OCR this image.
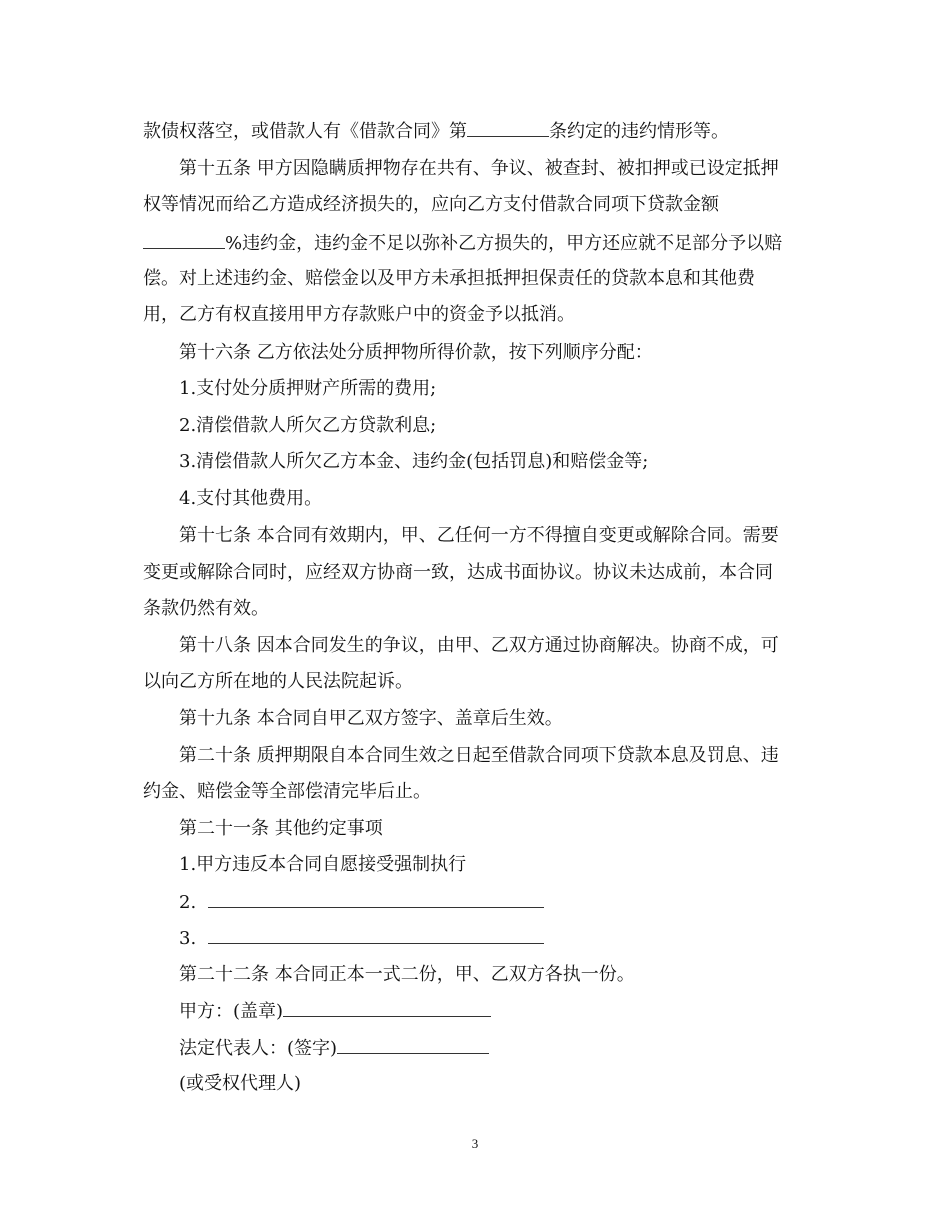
款债权落空，或借款人有《借款合同》第	条约定的违约情形等。
第十五条 甲方因隐瞒质押物存在共有、争议、被查封、被扣押或已设定抵押
权等情况而给乙方造成经济损失的，应向乙方支付借款合同项下贷款金额
%违约金，违约金不足以弥补乙方损失的，甲方还应就不足部分予以赔
偿。对上述违约金、赔偿金以及甲方未承担抵押担保责任的贷款本息和其他费
用，乙方有权直接用甲方存款账户中的资金予以抵消。
第十六条 乙方依法处分质押物所得价款，按下列顺序分配：
1.支付处分质押财产所需的费用;
2.清偿借款人所欠乙方贷款利息;
3.清偿借款人所欠乙方本金、违约金(包括罚息)和赔偿金等;
4.支付其他费用。
第十七条 本合同有效期内，甲、乙任何一方不得擅自变更或解除合同。需要
变更或解除合同时，应经双方协商一致，达成书面协议。协议未达成前，本合同
条款仍然有效。
第十八条 因本合同发生的争议，由甲、乙双方通过协商解决。协商不成，可
以向乙方所在地的人民法院起诉。
第十九条 本合同自甲乙双方签字、盖章后生效。
第二十条 质押期限自本合同生效之日起至借款合同项下贷款本息及罚息、违
约金、赔偿金等全部偿清完毕后止。
第二十一条 其他约定事项
1.甲方违反本合同自愿接受强制执行
2.
3.
第二十二条 本合同正本一式二份，甲、乙双方各执一份。
甲方：(盖章)
法定代表人：(签字)
(或受权代理人)
3
